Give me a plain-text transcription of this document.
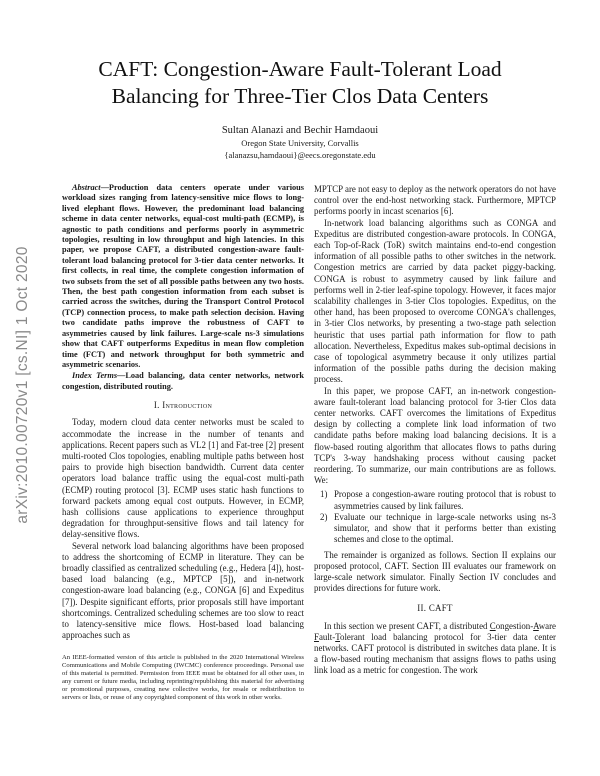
CAFT: Congestion-Aware Fault-Tolerant Load
Balancing for Three-Tier Clos Data Centers
Sultan Alanazi and Bechir Hamdaoui
Oregon State University, Corvallis
{alanazsu,hamdaoui}@eecs.oregonstate.edu
arXiv:2010.00720v1 [cs.NI] 1 Oct 2020

Abstract—Production data centers operate under various workload sizes ranging from latency-sensitive mice flows to long-lived elephant flows. However, the predominant load balancing scheme in data center networks, equal-cost multi-path (ECMP), is agnostic to path conditions and performs poorly in asymmetric topologies, resulting in low throughput and high latencies. In this paper, we propose CAFT, a distributed congestion-aware fault-tolerant load balancing protocol for 3-tier data center networks. It first collects, in real time, the complete congestion information of two subsets from the set of all possible paths between any two hosts. Then, the best path congestion information from each subset is carried across the switches, during the Transport Control Protocol (TCP) connection process, to make path selection decision. Having two candidate paths improve the robustness of CAFT to asymmetries caused by link failures. Large-scale ns-3 simulations show that CAFT outperforms Expeditus in mean flow completion time (FCT) and network throughput for both symmetric and asymmetric scenarios.

Index Terms—Load balancing, data center networks, network congestion, distributed routing.

I. Introduction

Today, modern cloud data center networks must be scaled to accommodate the increase in the number of tenants and applications. Recent papers such as VL2 [1] and Fat-tree [2] present multi-rooted Clos topologies, enabling multiple paths between host pairs to provide high bisection bandwidth. Current data center operators load balance traffic using the equal-cost multi-path (ECMP) routing protocol [3]. ECMP uses static hash functions to forward packets among equal cost outputs. However, in ECMP, hash collisions cause applications to experience throughput degradation for throughput-sensitive flows and tail latency for delay-sensitive flows.

Several network load balancing algorithms have been proposed to address the shortcoming of ECMP in literature. They can be broadly classified as centralized scheduling (e.g., Hedera [4]), host-based load balancing (e.g., MPTCP [5]), and in-network congestion-aware load balancing (e.g., CONGA [6] and Expeditus [7]). Despite significant efforts, prior proposals still have important shortcomings. Centralized scheduling schemes are too slow to react to latency-sensitive mice flows. Host-based load balancing approaches such as

An IEEE-formatted version of this article is published in the 2020 International Wireless Communications and Mobile Computing (IWCMC) conference proceedings. Personal use of this material is permitted. Permission from IEEE must be obtained for all other uses, in any current or future media, including reprinting/republishing this material for advertising or promotional purposes, creating new collective works, for resale or redistribution to servers or lists, or reuse of any copyrighted component of this work in other works.

MPTCP are not easy to deploy as the network operators do not have control over the end-host networking stack. Furthermore, MPTCP performs poorly in incast scenarios [6].

In-network load balancing algorithms such as CONGA and Expeditus are distributed congestion-aware protocols. In CONGA, each Top-of-Rack (ToR) switch maintains end-to-end congestion information of all possible paths to other switches in the network. Congestion metrics are carried by data packet piggy-backing. CONGA is robust to asymmetry caused by link failure and performs well in 2-tier leaf-spine topology. However, it faces major scalability challenges in 3-tier Clos topologies. Expeditus, on the other hand, has been proposed to overcome CONGA's challenges, in 3-tier Clos networks, by presenting a two-stage path selection heuristic that uses partial path information for flow to path allocation. Nevertheless, Expeditus makes sub-optimal decisions in case of topological asymmetry because it only utilizes partial information of the possible paths during the decision making process.

In this paper, we propose CAFT, an in-network congestion-aware fault-tolerant load balancing protocol for 3-tier Clos data center networks. CAFT overcomes the limitations of Expeditus design by collecting a complete link load information of two candidate paths before making load balancing decisions. It is a flow-based routing algorithm that allocates flows to paths during TCP's 3-way handshaking process without causing packet reordering. To summarize, our main contributions are as follows. We:

1) Propose a congestion-aware routing protocol that is robust to asymmetries caused by link failures.
2) Evaluate our technique in large-scale networks using ns-3 simulator, and show that it performs better than existing schemes and close to the optimal.

The remainder is organized as follows. Section II explains our proposed protocol, CAFT. Section III evaluates our framework on large-scale network simulator. Finally Section IV concludes and provides directions for future work.

II. CAFT

In this section we present CAFT, a distributed Congestion-Aware Fault-Tolerant load balancing protocol for 3-tier data center networks. CAFT protocol is distributed in switches data plane. It is a flow-based routing mechanism that assigns flows to paths using link load as a metric for congestion. The work
